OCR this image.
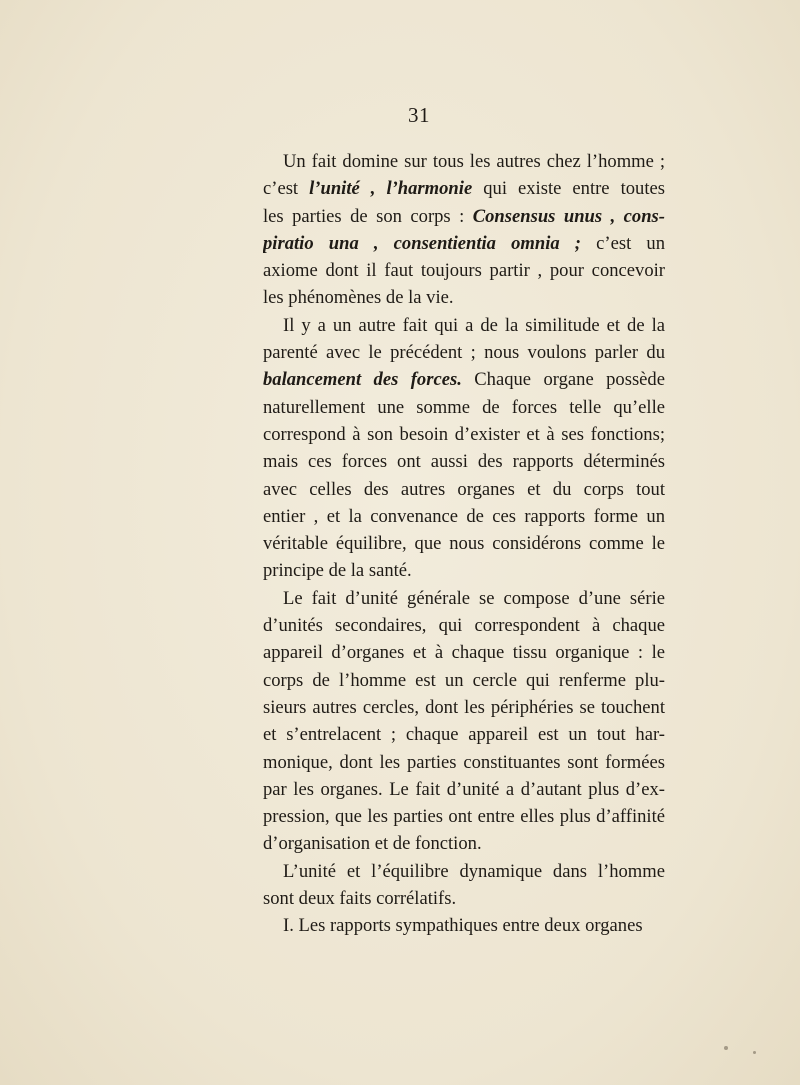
31
Un fait domine sur tous les autres chez l’homme ;
c’est l’unité , l’harmonie qui existe entre toutes
les parties de son corps : Consensus unus , cons-
piratio una , consentientia omnia ; c’est un
axiome dont il faut toujours partir , pour concevoir
les phénomènes de la vie.
Il y a un autre fait qui a de la similitude et de la
parenté avec le précédent ; nous voulons parler du
balancement des forces. Chaque organe possède
naturellement une somme de forces telle qu’elle
correspond à son besoin d’exister et à ses fonctions;
mais ces forces ont aussi des rapports déterminés
avec celles des autres organes et du corps tout
entier , et la convenance de ces rapports forme un
véritable équilibre, que nous considérons comme le
principe de la santé.
Le fait d’unité générale se compose d’une série
d’unités secondaires, qui correspondent à chaque
appareil d’organes et à chaque tissu organique : le
corps de l’homme est un cercle qui renferme plu-
sieurs autres cercles, dont les périphéries se touchent
et s’entrelacent ; chaque appareil est un tout har-
monique, dont les parties constituantes sont formées
par les organes. Le fait d’unité a d’autant plus d’ex-
pression, que les parties ont entre elles plus d’affinité
d’organisation et de fonction.
L’unité et l’équilibre dynamique dans l’homme
sont deux faits corrélatifs.
I. Les rapports sympathiques entre deux organes
